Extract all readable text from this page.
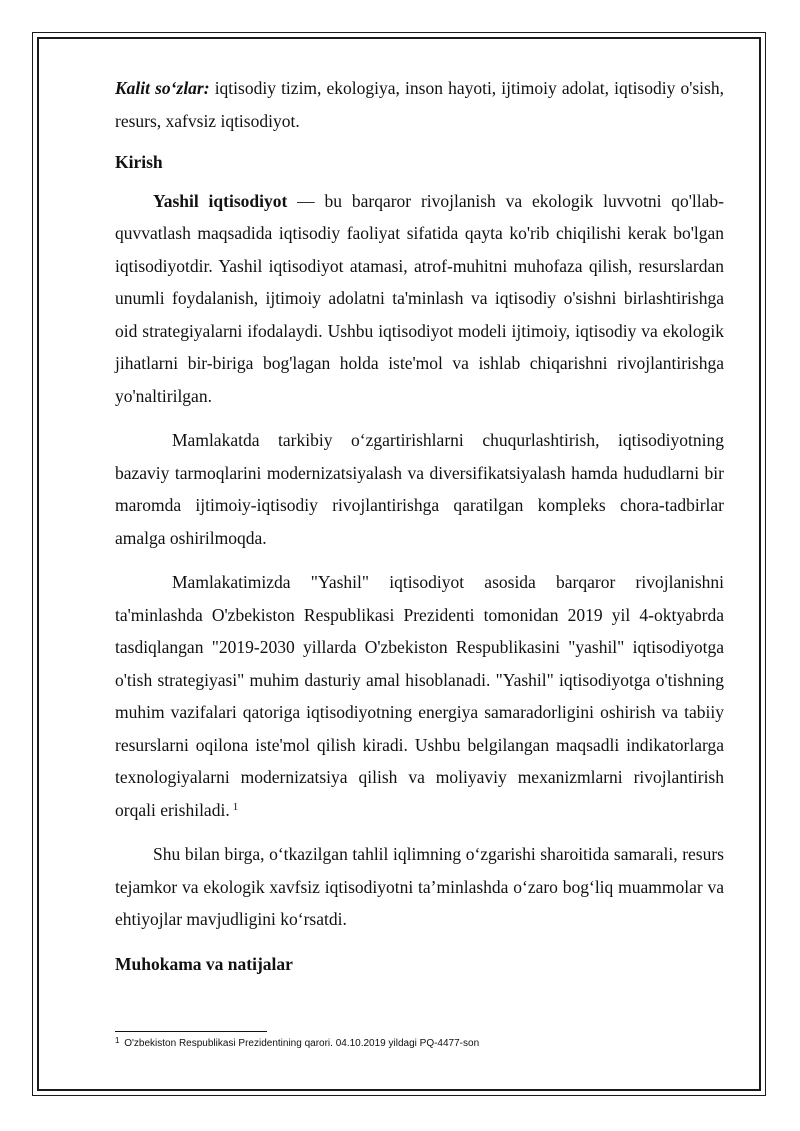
Kalit so‘zlar: iqtisodiy tizim, ekologiya, inson hayoti, ijtimoiy adolat, iqtisodiy o'sish, resurs, xafvsiz iqtisodiyot.

Kirish

Yashil iqtisodiyot — bu barqaror rivojlanish va ekologik luvvotni qo'llab-quvvatlash maqsadida iqtisodiy faoliyat sifatida qayta ko'rib chiqilishi kerak bo'lgan iqtisodiyotdir. Yashil iqtisodiyot atamasi, atrof-muhitni muhofaza qilish, resurslardan unumli foydalanish, ijtimoiy adolatni ta'minlash va iqtisodiy o'sishni birlashtirishga oid strategiyalarni ifodalaydi. Ushbu iqtisodiyot modeli ijtimoiy, iqtisodiy va ekologik jihatlarni bir-biriga bog'lagan holda iste'mol va ishlab chiqarishni rivojlantirishga yo'naltirilgan.

Mamlakatda tarkibiy o‘zgartirishlarni chuqurlashtirish, iqtisodiyotning bazaviy tarmoqlarini modernizatsiyalash va diversifikatsiyalash hamda hududlarni bir maromda ijtimoiy-iqtisodiy rivojlantirishga qaratilgan kompleks chora-tadbirlar amalga oshirilmoqda.

Mamlakatimizda "Yashil" iqtisodiyot asosida barqaror rivojlanishni ta'minlashda O'zbekiston Respublikasi Prezidenti tomonidan 2019 yil 4-oktyabrda tasdiqlangan "2019-2030 yillarda O'zbekiston Respublikasini "yashil" iqtisodiyotga o'tish strategiyasi" muhim dasturiy amal hisoblanadi. "Yashil" iqtisodiyotga o'tishning muhim vazifalari qatoriga iqtisodiyotning energiya samaradorligini oshirish va tabiiy resurslarni oqilona iste'mol qilish kiradi. Ushbu belgilangan maqsadli indikatorlarga texnologiyalarni modernizatsiya qilish va moliyaviy mexanizmlarni rivojlantirish orqali erishiladi. $^1$

Shu bilan birga, o‘tkazilgan tahlil iqlimning o‘zgarishi sharoitida samarali, resurs tejamkor va ekologik xavfsiz iqtisodiyotni ta’minlashda o‘zaro bog‘liq muammolar va ehtiyojlar mavjudligini ko‘rsatdi.

Muhokama va natijalar

$^1$ O'zbekiston Respublikasi Prezidentining qarori. 04.10.2019 yildagi PQ-4477-son
